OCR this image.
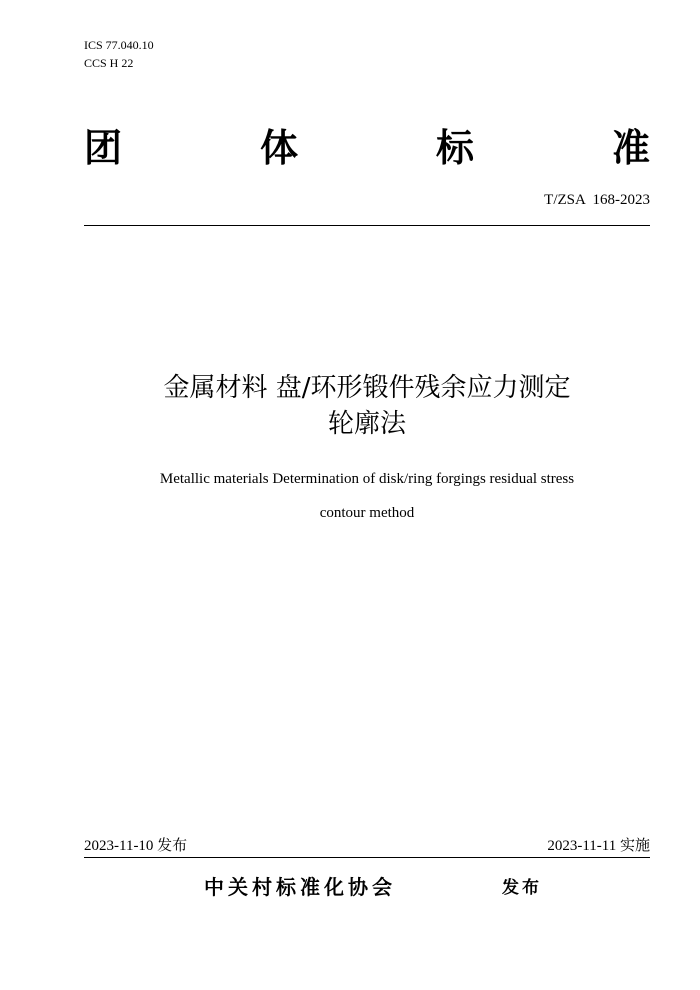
ICS 77.040.10
CCS H 22
团	体	标	准
T/ZSA  168-2023
金属材料 盘/环形锻件残余应力测定
轮廓法
Metallic materials Determination of disk/ring forgings residual stress
contour method
2023-11-10 发布	2023-11-11 实施
中关村标准化协会	发布
